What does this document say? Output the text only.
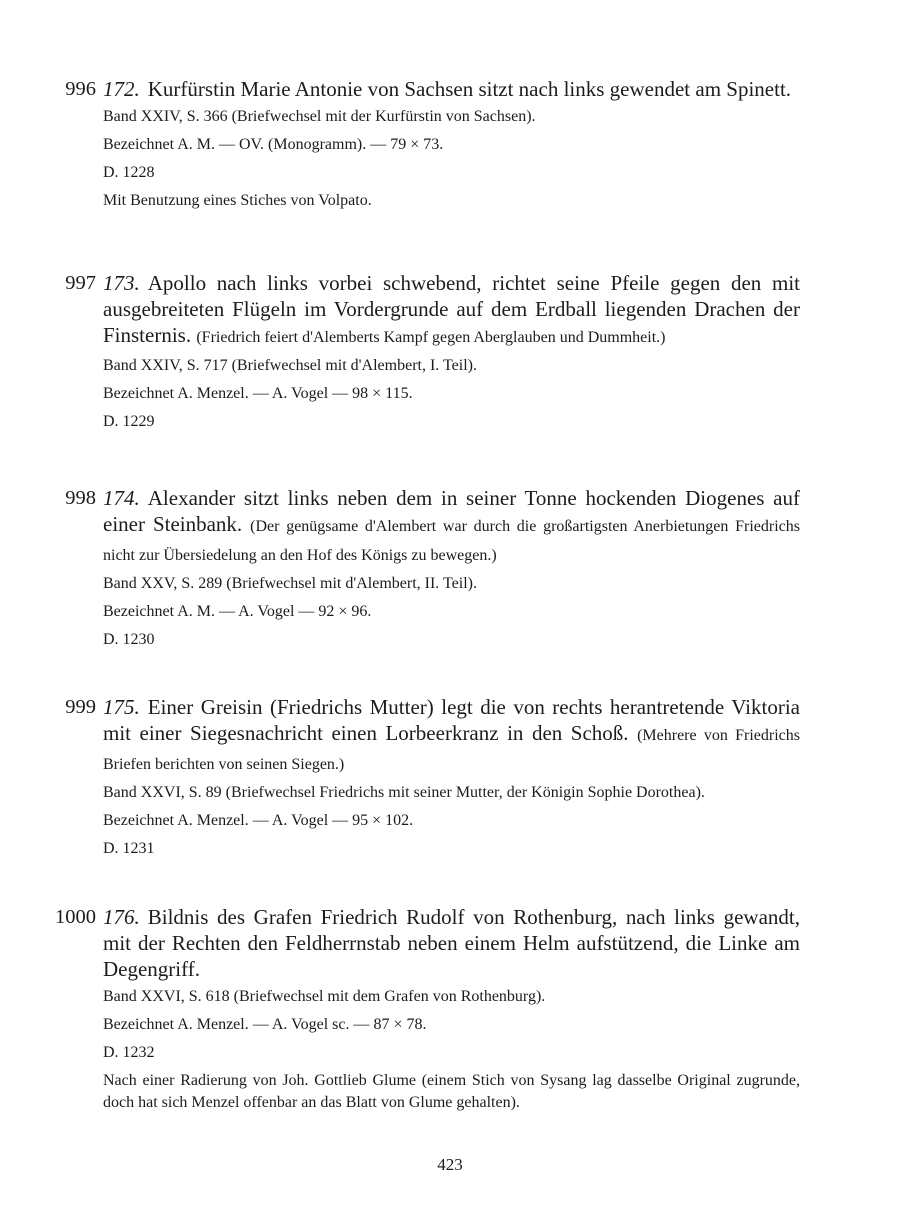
996 172. Kurfürstin Marie Antonie von Sachsen sitzt nach links gewendet am Spinett.

Band XXIV, S. 366 (Briefwechsel mit der Kurfürstin von Sachsen).

Bezeichnet A. M. — OV. (Monogramm). — 79 × 73.

D. 1228

Mit Benutzung eines Stiches von Volpato.

997 173. Apollo nach links vorbei schwebend, richtet seine Pfeile gegen den mit ausgebreiteten Flügeln im Vordergrunde auf dem Erdball liegenden Drachen der Finsternis. (Friedrich feiert d'Alemberts Kampf gegen Aberglauben und Dummheit.)

Band XXIV, S. 717 (Briefwechsel mit d'Alembert, I. Teil).

Bezeichnet A. Menzel. — A. Vogel — 98 × 115.

D. 1229

998 174. Alexander sitzt links neben dem in seiner Tonne hockenden Diogenes auf einer Steinbank. (Der genügsame d'Alembert war durch die großartigsten Anerbietungen Friedrichs nicht zur Übersiedelung an den Hof des Königs zu bewegen.)

Band XXV, S. 289 (Briefwechsel mit d'Alembert, II. Teil).

Bezeichnet A. M. — A. Vogel — 92 × 96.

D. 1230

999 175. Einer Greisin (Friedrichs Mutter) legt die von rechts herantretende Viktoria mit einer Siegesnachricht einen Lorbeerkranz in den Schoß. (Mehrere von Friedrichs Briefen berichten von seinen Siegen.)

Band XXVI, S. 89 (Briefwechsel Friedrichs mit seiner Mutter, der Königin Sophie Dorothea).

Bezeichnet A. Menzel. — A. Vogel — 95 × 102.

D. 1231

1000 176. Bildnis des Grafen Friedrich Rudolf von Rothenburg, nach links gewandt, mit der Rechten den Feldherrnstab neben einem Helm aufstützend, die Linke am Degengriff.

Band XXVI, S. 618 (Briefwechsel mit dem Grafen von Rothenburg).

Bezeichnet A. Menzel. — A. Vogel sc. — 87 × 78.

D. 1232

Nach einer Radierung von Joh. Gottlieb Glume (einem Stich von Sysang lag dasselbe Original zugrunde, doch hat sich Menzel offenbar an das Blatt von Glume gehalten).

423
